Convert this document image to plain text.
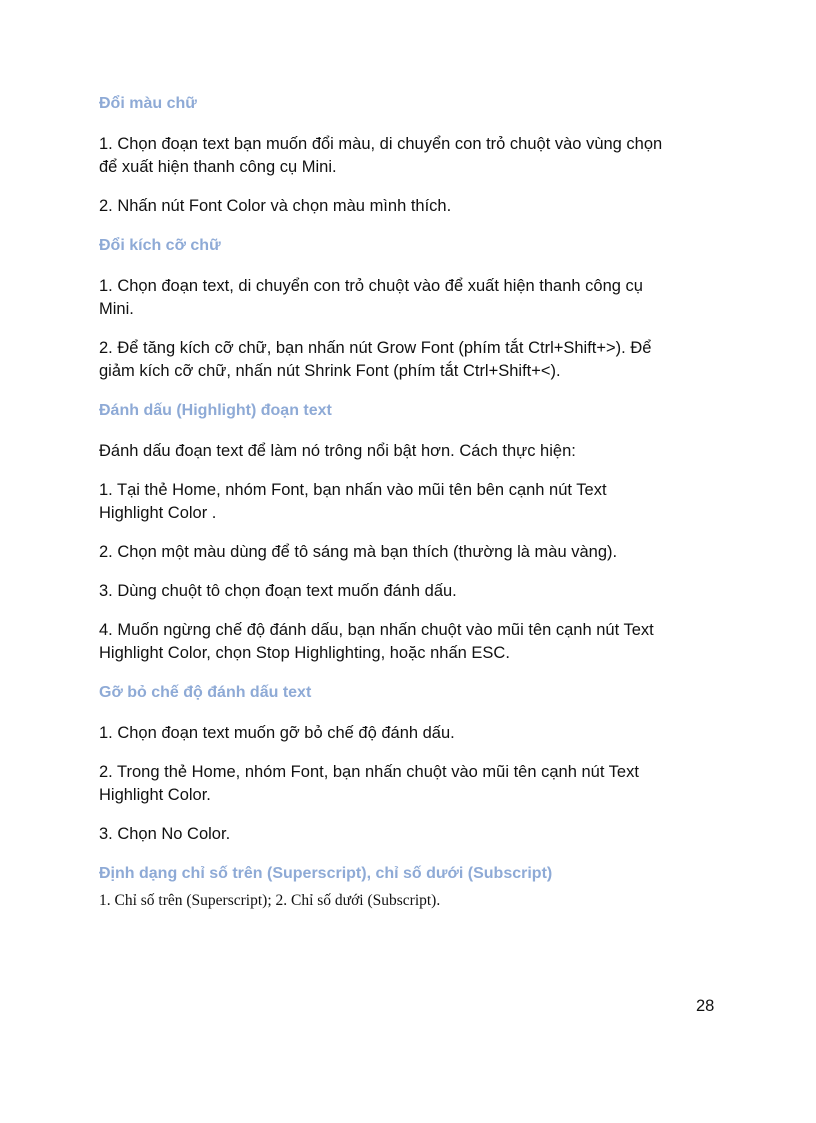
Đổi màu chữ

1. Chọn đoạn text bạn muốn đổi màu, di chuyển con trỏ chuột vào vùng chọn
để xuất hiện thanh công cụ Mini.

2. Nhấn nút Font Color và chọn màu mình thích.

Đổi kích cỡ chữ

1. Chọn đoạn text, di chuyển con trỏ chuột vào để xuất hiện thanh công cụ
Mini.

2. Để tăng kích cỡ chữ, bạn nhấn nút Grow Font (phím tắt Ctrl+Shift+>). Để
giảm kích cỡ chữ, nhấn nút Shrink Font (phím tắt Ctrl+Shift+<).

Đánh dấu (Highlight) đoạn text

Đánh dấu đoạn text để làm nó trông nổi bật hơn. Cách thực hiện:

1. Tại thẻ Home, nhóm Font, bạn nhấn vào mũi tên bên cạnh nút Text
Highlight Color .

2. Chọn một màu dùng để tô sáng mà bạn thích (thường là màu vàng).

3. Dùng chuột tô chọn đoạn text muốn đánh dấu.

4. Muốn ngừng chế độ đánh dấu, bạn nhấn chuột vào mũi tên cạnh nút Text
Highlight Color, chọn Stop Highlighting, hoặc nhấn ESC.

Gỡ bỏ chế độ đánh dấu text

1. Chọn đoạn text muốn gỡ bỏ chế độ đánh dấu.

2. Trong thẻ Home, nhóm Font, bạn nhấn chuột vào mũi tên cạnh nút Text
Highlight Color.

3. Chọn No Color.

Định dạng chỉ số trên (Superscript), chỉ số dưới (Subscript)

1. Chỉ số trên (Superscript); 2. Chỉ số dưới (Subscript).

28
